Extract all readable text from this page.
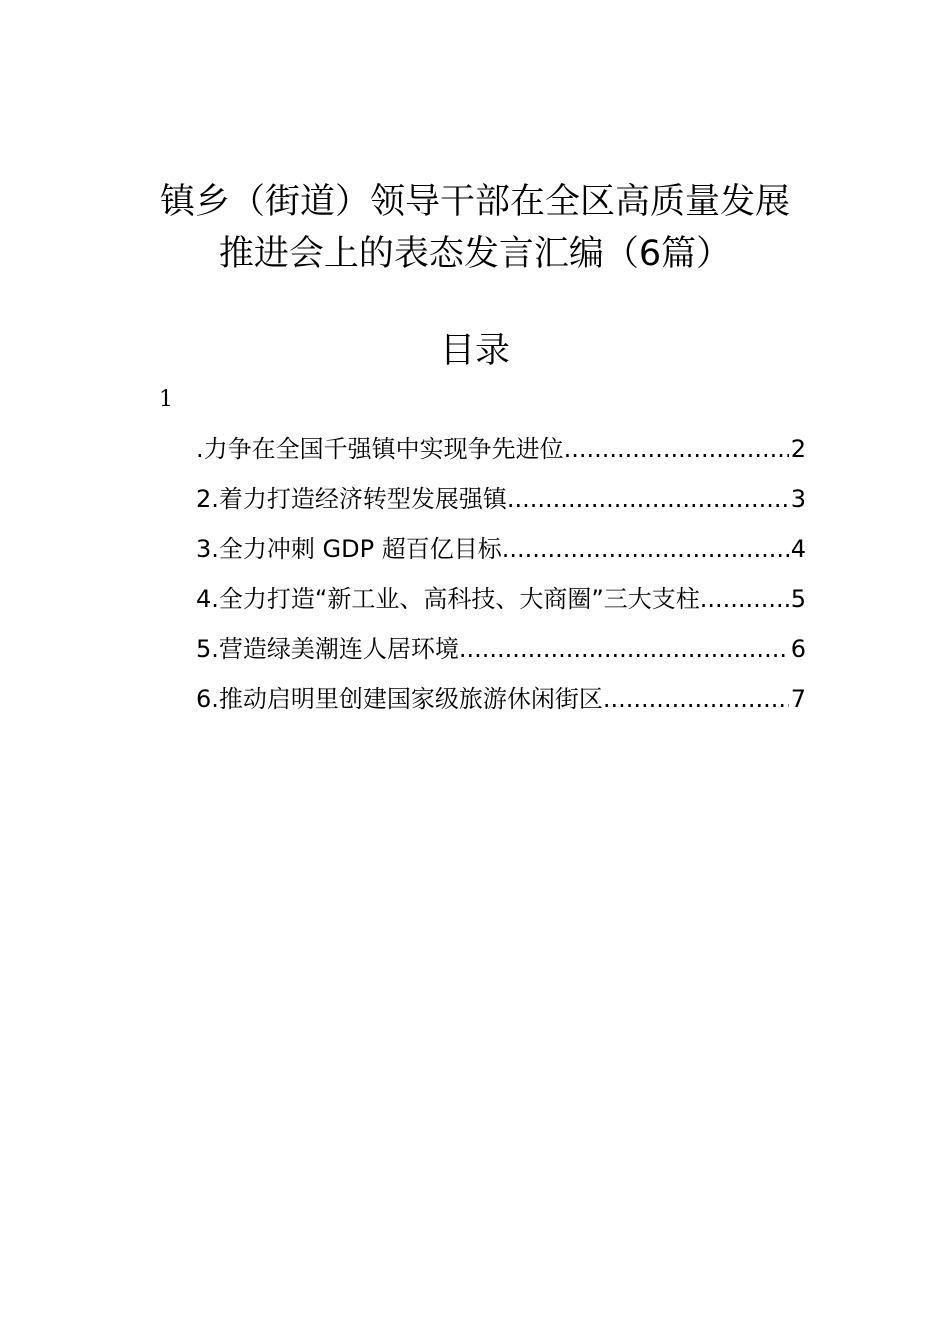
镇乡（街道）领导干部在全区高质量发展
推进会上的表态发言汇编（6篇）
目录
1
.力争在全国千强镇中实现争先进位 .....	2
2.着力打造经济转型发展强镇 .....	3
3.全力冲刺 GDP 超百亿目标 .....	4
4.全力打造“新工业、高科技、大商圈”三大支柱 .....	5
5.营造绿美潮连人居环境 .....	6
6.推动启明里创建国家级旅游休闲街区 .....	7
